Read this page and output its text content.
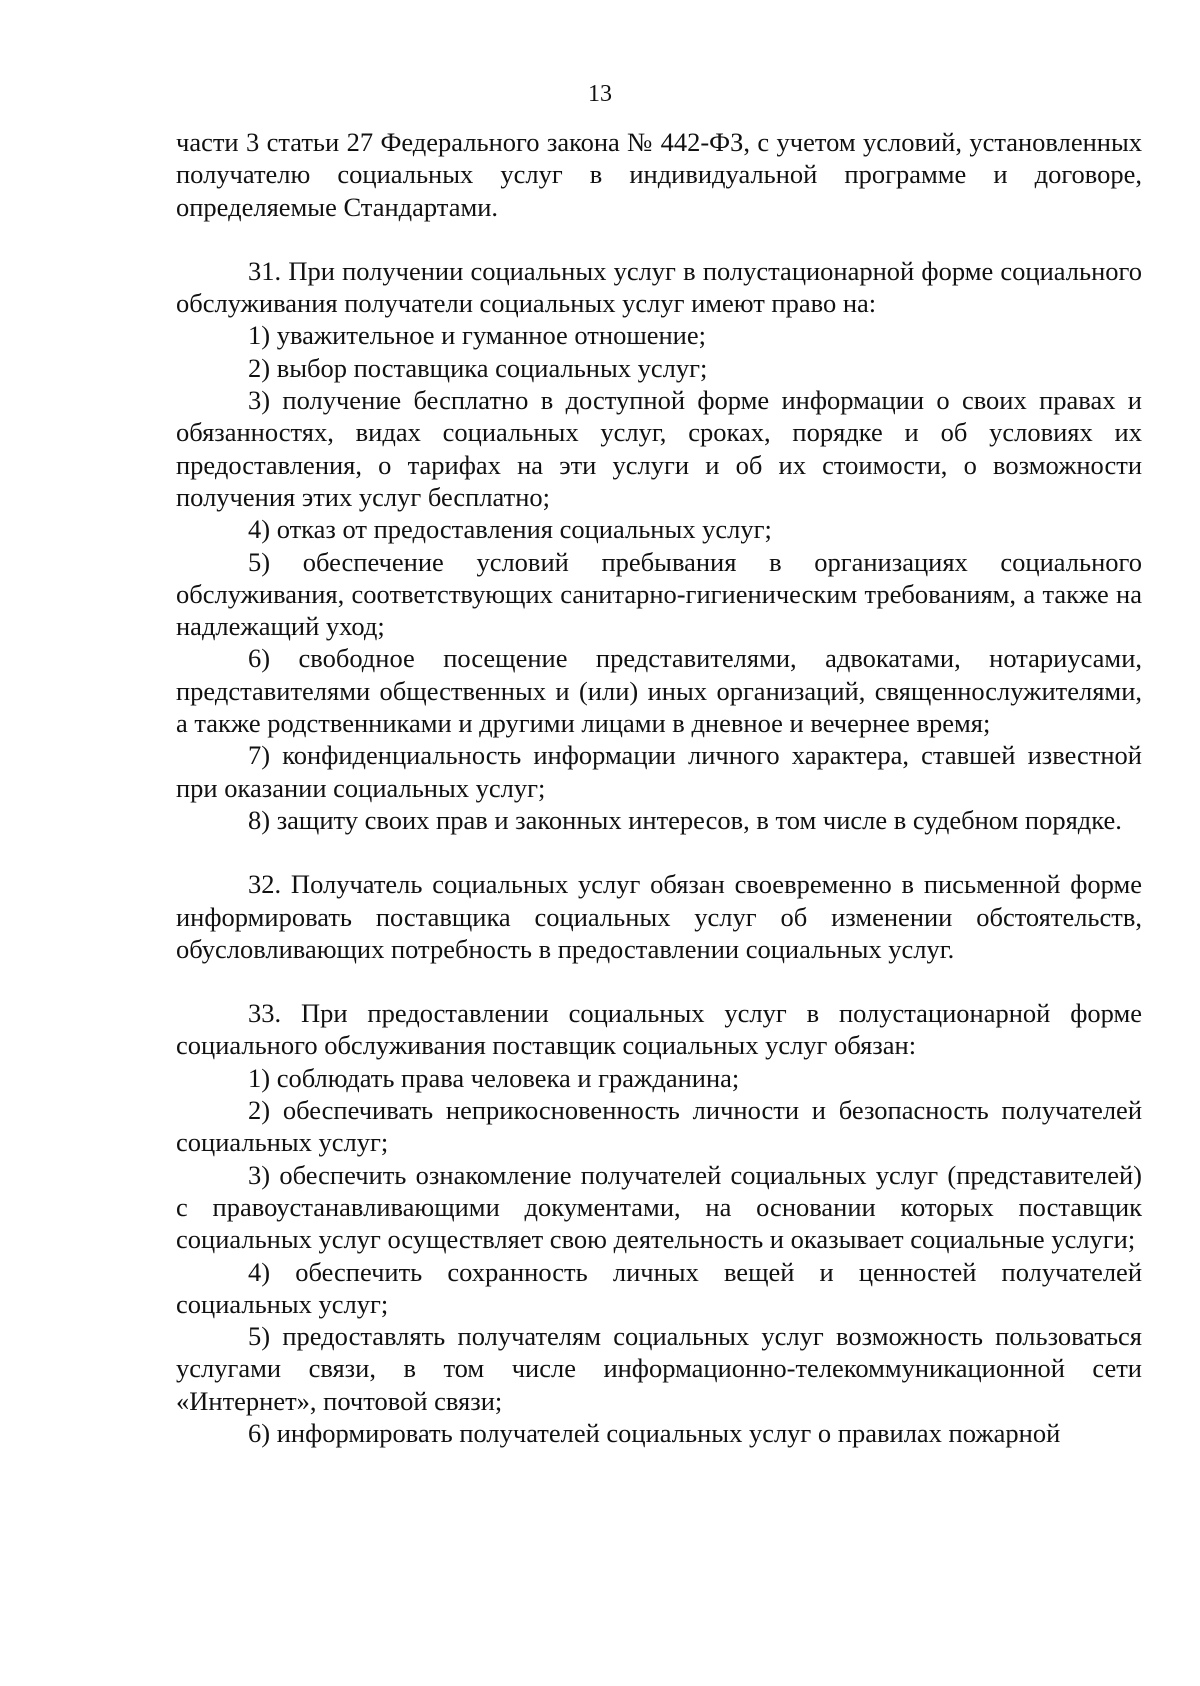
13

части 3 статьи 27 Федерального закона № 442-ФЗ, с учетом условий, установленных получателю социальных услуг в индивидуальной программе и договоре, определяемые Стандартами.

31. При получении социальных услуг в полустационарной форме социального обслуживания получатели социальных услуг имеют право на:

1) уважительное и гуманное отношение;

2) выбор поставщика социальных услуг;

3) получение бесплатно в доступной форме информации о своих правах и обязанностях, видах социальных услуг, сроках, порядке и об условиях их предоставления, о тарифах на эти услуги и об их стоимости, о возможности получения этих услуг бесплатно;

4) отказ от предоставления социальных услуг;

5) обеспечение условий пребывания в организациях социального обслуживания, соответствующих санитарно-гигиеническим требованиям, а также на надлежащий уход;

6) свободное посещение представителями, адвокатами, нотариусами, представителями общественных и (или) иных организаций, священнослужителями, а также родственниками и другими лицами в дневное и вечернее время;

7) конфиденциальность информации личного характера, ставшей известной при оказании социальных услуг;

8) защиту своих прав и законных интересов, в том числе в судебном порядке.

32. Получатель социальных услуг обязан своевременно в письменной форме информировать поставщика социальных услуг об изменении обстоятельств, обусловливающих потребность в предоставлении социальных услуг.

33. При предоставлении социальных услуг в полустационарной форме социального обслуживания поставщик социальных услуг обязан:

1) соблюдать права человека и гражданина;

2) обеспечивать неприкосновенность личности и безопасность получателей социальных услуг;

3) обеспечить ознакомление получателей социальных услуг (представителей) с правоустанавливающими документами, на основании которых поставщик социальных услуг осуществляет свою деятельность и оказывает социальные услуги;

4) обеспечить сохранность личных вещей и ценностей получателей социальных услуг;

5) предоставлять получателям социальных услуг возможность пользоваться услугами связи, в том числе информационно-телекоммуникационной сети «Интернет», почтовой связи;

6) информировать получателей социальных услуг о правилах пожарной
